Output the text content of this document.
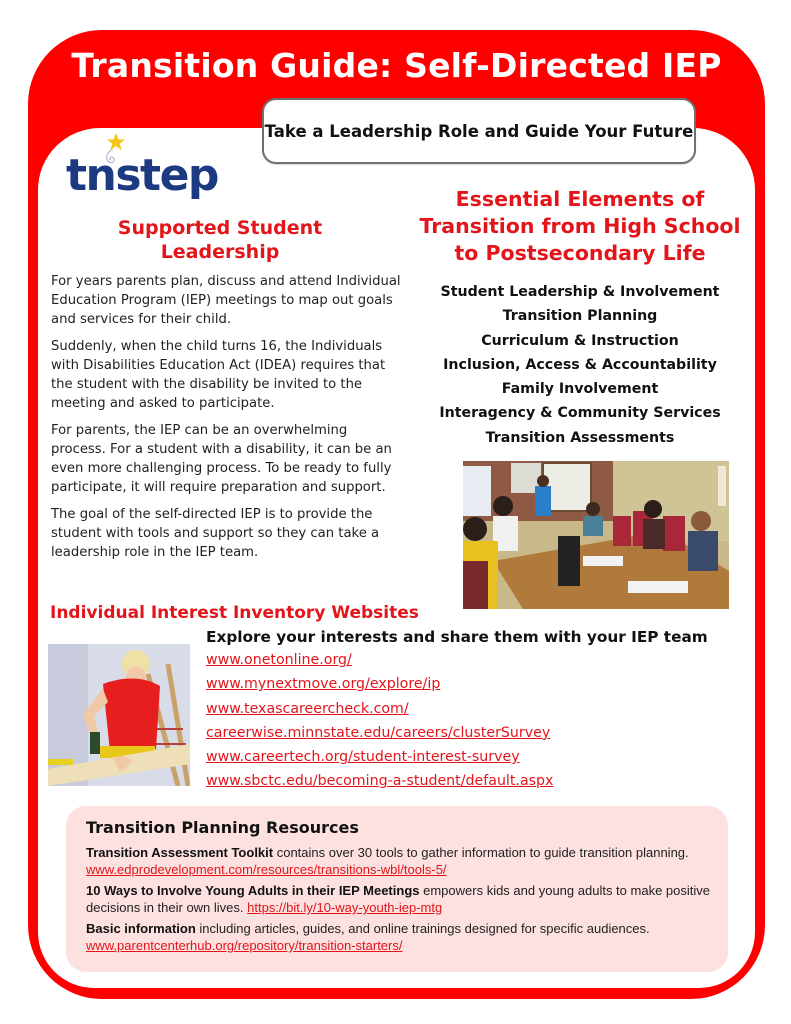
Transition Guide: Self-Directed IEP
Take a Leadership Role and Guide Your Future
tnstep
Supported Student Leadership

For years parents plan, discuss and attend Individual Education Program (IEP) meetings to map out goals and services for their child.

Suddenly, when the child turns 16, the Individuals with Disabilities Education Act (IDEA) requires that the student with the disability be invited to the meeting and asked to participate.

For parents, the IEP can be an overwhelming process. For a student with a disability, it can be an even more challenging process. To be ready to fully participate, it will require preparation and support.

The goal of the self-directed IEP is to provide the student with tools and support so they can take a leadership role in the IEP team.

Essential Elements of Transition from High School to Postsecondary Life
Student Leadership & Involvement
Transition Planning
Curriculum & Instruction
Inclusion, Access & Accountability
Family Involvement
Interagency & Community Services
Transition Assessments
Individual Interest Inventory Websites
Explore your interests and share them with your IEP team
www.onetonline.org/
www.mynextmove.org/explore/ip
www.texascareercheck.com/
careerwise.minnstate.edu/careers/clusterSurvey
www.careertech.org/student-interest-survey
www.sbctc.edu/becoming-a-student/default.aspx
Transition Planning Resources
Transition Assessment Toolkit contains over 30 tools to gather information to guide transition planning. www.edprodevelopment.com/resources/transitions-wbl/tools-5/
10 Ways to Involve Young Adults in their IEP Meetings empowers kids and young adults to make positive decisions in their own lives. https://bit.ly/10-way-youth-iep-mtg
Basic information including articles, guides, and online trainings designed for specific audiences. www.parentcenterhub.org/repository/transition-starters/
